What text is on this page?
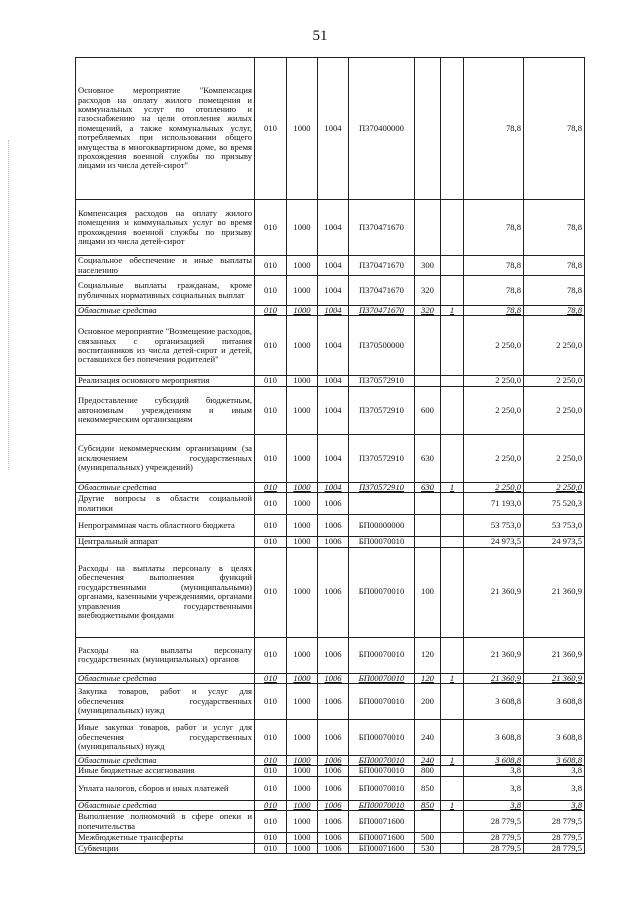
51
Основное мероприятие "Компенсация расходов на оплату жилого помещения и коммунальных услуг по отоплению и газоснабжению на цели отопления жилых помещений, а также коммунальных услуг, потребляемых при использовании общего имущества в многоквартирном доме, во время прохождения военной службы по призыву лицами из числа детей-сирот"	010	1000	1004	П370400000			78,8	78,8
Компенсация расходов на оплату жилого помещения и коммунальных услуг во время прохождения военной службы по призыву лицами из числа детей-сирот	010	1000	1004	П370471670			78,8	78,8
Социальное обеспечение и иные выплаты населению	010	1000	1004	П370471670	300		78,8	78,8
Социальные выплаты гражданам, кроме публичных нормативных социальных выплат	010	1000	1004	П370471670	320		78,8	78,8
Областные средства	010	1000	1004	П370471670	320	1	78,8	78,8
Основное мероприятие "Возмещение расходов, связанных с организацией питания воспитанников из числа детей-сирот и детей, оставшихся без попечения родителей"	010	1000	1004	П370500000			2 250,0	2 250,0
Реализация основного мероприятия	010	1000	1004	П370572910			2 250,0	2 250,0
Предоставление субсидий бюджетным, автономным учреждениям и иным некоммерческим организациям	010	1000	1004	П370572910	600		2 250,0	2 250,0
Субсидии некоммерческим организациям (за исключением государственных (муниципальных) учреждений)	010	1000	1004	П370572910	630		2 250,0	2 250,0
Областные средства	010	1000	1004	П370572910	630	1	2 250,0	2 250,0
Другие вопросы в области социальной политики	010	1000	1006				71 193,0	75 520,3
Непрограммная часть областного бюджета	010	1000	1006	БП00000000			53 753,0	53 753,0
Центральный аппарат	010	1000	1006	БП00070010			24 973,5	24 973,5
Расходы на выплаты персоналу в целях обеспечения выполнения функций государственными (муниципальными) органами, казенными учреждениями, органами управления государственными внебюджетными фондами	010	1000	1006	БП00070010	100		21 360,9	21 360,9
Расходы на выплаты персоналу государственных (муниципальных) органов	010	1000	1006	БП00070010	120		21 360,9	21 360,9
Областные средства	010	1000	1006	БП00070010	120	1	21 360,9	21 360,9
Закупка товаров, работ и услуг для обеспечения государственных (муниципальных) нужд	010	1000	1006	БП00070010	200		3 608,8	3 608,8
Иные закупки товаров, работ и услуг для обеспечения государственных (муниципальных) нужд	010	1000	1006	БП00070010	240		3 608,8	3 608,8
Областные средства	010	1000	1006	БП00070010	240	1	3 608,8	3 608,8
Иные бюджетные ассигнования	010	1000	1006	БП00070010	800		3,8	3,8
Уплата налогов, сборов и иных платежей	010	1000	1006	БП00070010	850		3,8	3,8
Областные средства	010	1000	1006	БП00070010	850	1	3,8	3,8
Выполнение полномочий в сфере опеки и попечительства	010	1000	1006	БП00071600			28 779,5	28 779,5
Межбюджетные трансферты	010	1000	1006	БП00071600	500		28 779,5	28 779,5
Субвенции	010	1000	1006	БП00071600	530		28 779,5	28 779,5
